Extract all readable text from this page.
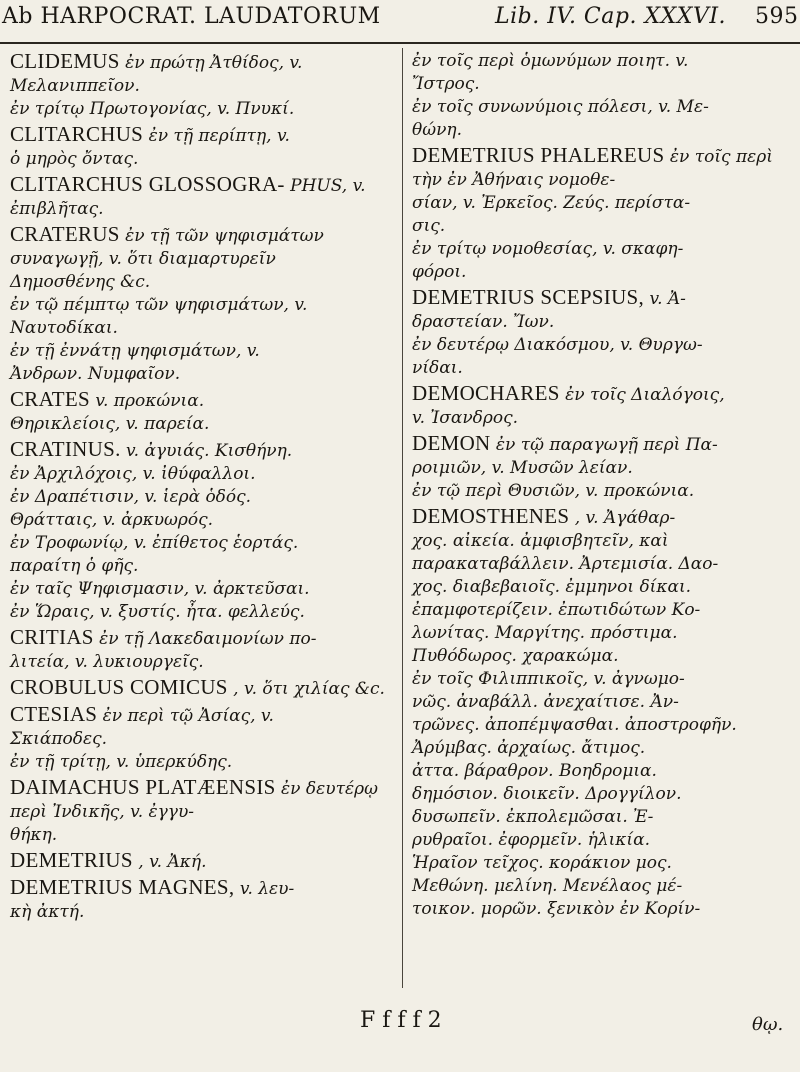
Ab HARPOCRAT. LAUDATORUM	Lib. IV. Cap. XXXVI. 595
CLIDEMUS ἐν πρώτῃ Ἀτθίδος, v.

Μελανιππεῖον.
ἐν τρίτῳ Πρωτογονίας, v. Πνυκί.
CLITARCHUS ἐν τῇ περίπτῃ, v.

ὁ μηρὸς ὄντας.
CLITARCHUS GLOSSOGRA- PHUS, v. ἐπιβλῆτας.

CRATERUS ἐν τῇ τῶν ψηφισμάτων

συναγωγῇ, v. ὅτι διαμαρτυρεῖν
Δημοσθένης &c.
ἐν τῷ πέμπτῳ τῶν ψηφισμάτων, v.
Ναυτοδίκαι.
ἐν τῇ ἐννάτῃ ψηφισμάτων, v.
Ἀνδρων. Νυμφαῖον.
CRATES v. προκώνια.

Θηρικλείοις, v. παρεία.
CRATINUS. v. ἀγυιάς. Κισθήνη.

ἐν Ἀρχιλόχοις, v. ἰθύφαλλοι.
ἐν Δραπέτισιν, v. ἱερὰ ὁδός.
Θράτταις, v. ἀρκυωρός.
ἐν Τροφωνίῳ, v. ἐπίθετος ἑορτάς.
παραίτη ὁ φῆς.
ἐν ταῖς Ψηφισμασιν, v. ἀρκτεῦσαι.
ἐν Ὥραις, v. ξυστίς. ἦτα. φελλεύς.
CRITIAS ἐν τῇ Λακεδαιμονίων πο-

λιτεία, v. λυκιουργεῖς.
CROBULUS COMICUS , v. ὅτι χιλίας &c.

CTESIAS ἐν περὶ τῷ Ἀσίας, v.

Σκιάποδες.
ἐν τῇ τρίτῃ, v. ὑπερκύδης.
DAIMACHUS PLATÆENSIS ἐν δευτέρῳ περὶ Ἰνδικῆς, v. ἐγγυ-

θήκη.
DEMETRIUS , v. Ἀκή.

DEMETRIUS MAGNES, v. λευ-

κὴ ἀκτή.
ἐν τοῖς περὶ ὁμωνύμων ποιητ. v.
Ἴστρος.
ἐν τοῖς συνωνύμοις πόλεσι, v. Με-
θώνη.
DEMETRIUS PHALEREUS ἐν τοῖς περὶ τὴν ἐν Ἀθήναις νομοθε-

σίαν, v. Ἐρκεῖος. Ζεύς. περίστα-
σις.
ἐν τρίτῳ νομοθεσίας, v. σκαφη-
φόροι.
DEMETRIUS SCEPSIUS, v. Ἀ-

δραστείαν. Ἴων.
ἐν δευτέρῳ Διακόσμου, v. Θυργω-
νίδαι.
DEMOCHARES ἐν τοῖς Διαλόγοις,

v. Ἰσανδρος.
DEMON ἐν τῷ παραγωγῇ περὶ Πα-

ροιμιῶν, v. Μυσῶν λείαν.
ἐν τῷ περὶ Θυσιῶν, v. προκώνια.
DEMOSTHENES , v. Ἀγάθαρ-

χος. αἰκεία. ἀμφισβητεῖν, καὶ
παρακαταβάλλειν. Ἀρτεμισία. Δαο-
χος. διαβεβαιοῖς. ἐμμηνοι δίκαι.
ἐπαμφοτερίζειν. ἐπωτιδώτων Κο-
λωνίτας. Μαργίτης. πρόστιμα.
Πυθόδωρος. χαρακώμα.
ἐν τοῖς Φιλιππικοῖς, v. ἀγνωμο-
νῶς. ἀναβάλλ. ἀνεχαίτισε. Ἀν-
τρῶνες. ἀποπέμψασθαι. ἀποστροφῆν.
Ἀρύμβας. ἀρχαίως. ἄτιμος.
ἀττα. βάραθρον. Βοηδρομια.
δημόσιον. διοικεῖν. Δρογγίλον.
δυσωπεῖν. ἐκπολεμῶσαι. Ἐ-
ρυθραῖοι. ἐφορμεῖν. ἡλικία.
Ἡραῖον τεῖχος. κοράκιον μος.
Μεθώνη. μελίνη. Μενέλαος μέ-
τοικον. μορῶν. ξενικὸν ἐν Κορίν-
F f f f 2	θῳ.
